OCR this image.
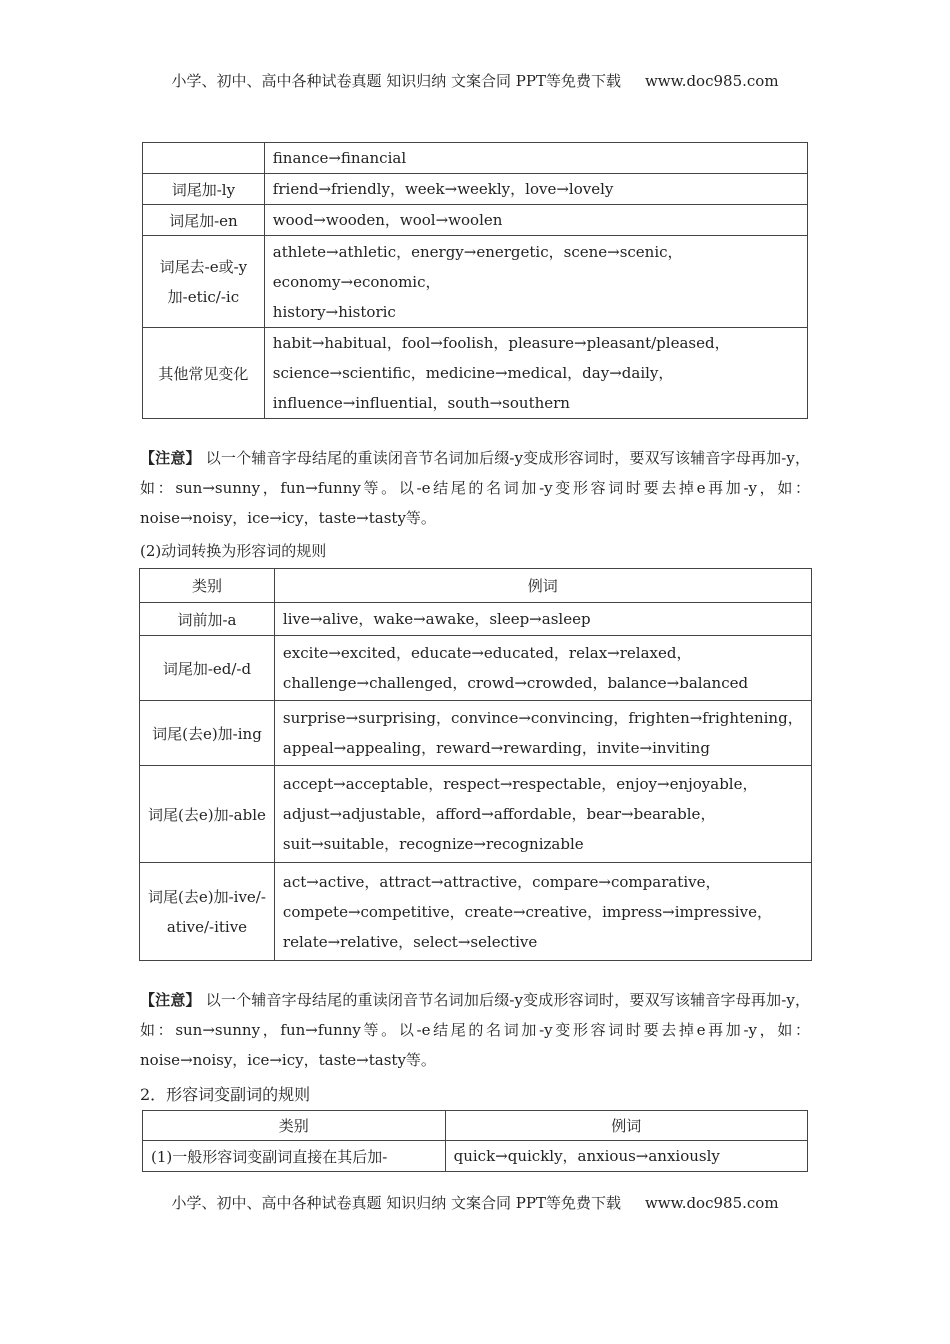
小学、初中、高中各种试卷真题 知识归纳 文案合同 PPT等免费下载 www.doc985.com

	finance→financial

词尾加-ly	friend→friendly，week→weekly，love→lovely

词尾加-en	wood→wooden，wool→woolen

词尾去-e或-y
加-etic/-ic	athlete→athletic，energy→energetic，scene→scenic，
economy→economic，
history→historic

其他常见变化	habit→habitual，fool→foolish，pleasure→pleasant/pleased，
science→scientific，medicine→medical，day→daily，
influence→influential，south→southern
【注意】 以一个辅音字母结尾的重读闭音节名词加后缀-y变成形容词时，要双写该辅音字母再加-y，如：sun→sunny，fun→funny等。以-e结尾的名词加-y变形容词时要去掉e再加-y，如：noise→noisy，ice→icy，taste→tasty等。
(2)动词转换为形容词的规则
类别	例词
词前加-a	live→alive，wake→awake，sleep→asleep

词尾加-ed/-d	excite→excited，educate→educated，relax→relaxed，
challenge→challenged，crowd→crowded，balance→balanced

词尾(去e)加-ing	surprise→surprising，convince→convincing，frighten→frightening，
appeal→appealing，reward→rewarding，invite→inviting

词尾(去e)加-able	accept→acceptable，respect→respectable，enjoy→enjoyable，
adjust→adjustable，afford→affordable，bear→bearable，
suit→suitable，recognize→recognizable

词尾(去e)加-ive/-
ative/-itive	act→active，attract→attractive，compare→comparative，
compete→competitive，create→creative，impress→impressive，
relate→relative，select→selective
【注意】 以一个辅音字母结尾的重读闭音节名词加后缀-y变成形容词时，要双写该辅音字母再加-y，如：sun→sunny，fun→funny等。以-e结尾的名词加-y变形容词时要去掉e再加-y，如：noise→noisy，ice→icy，taste→tasty等。
2．形容词变副词的规则
类别	例词
(1)一般形容词变副词直接在其后加-	quick→quickly，anxious→anxiously
小学、初中、高中各种试卷真题 知识归纳 文案合同 PPT等免费下载 www.doc985.com
